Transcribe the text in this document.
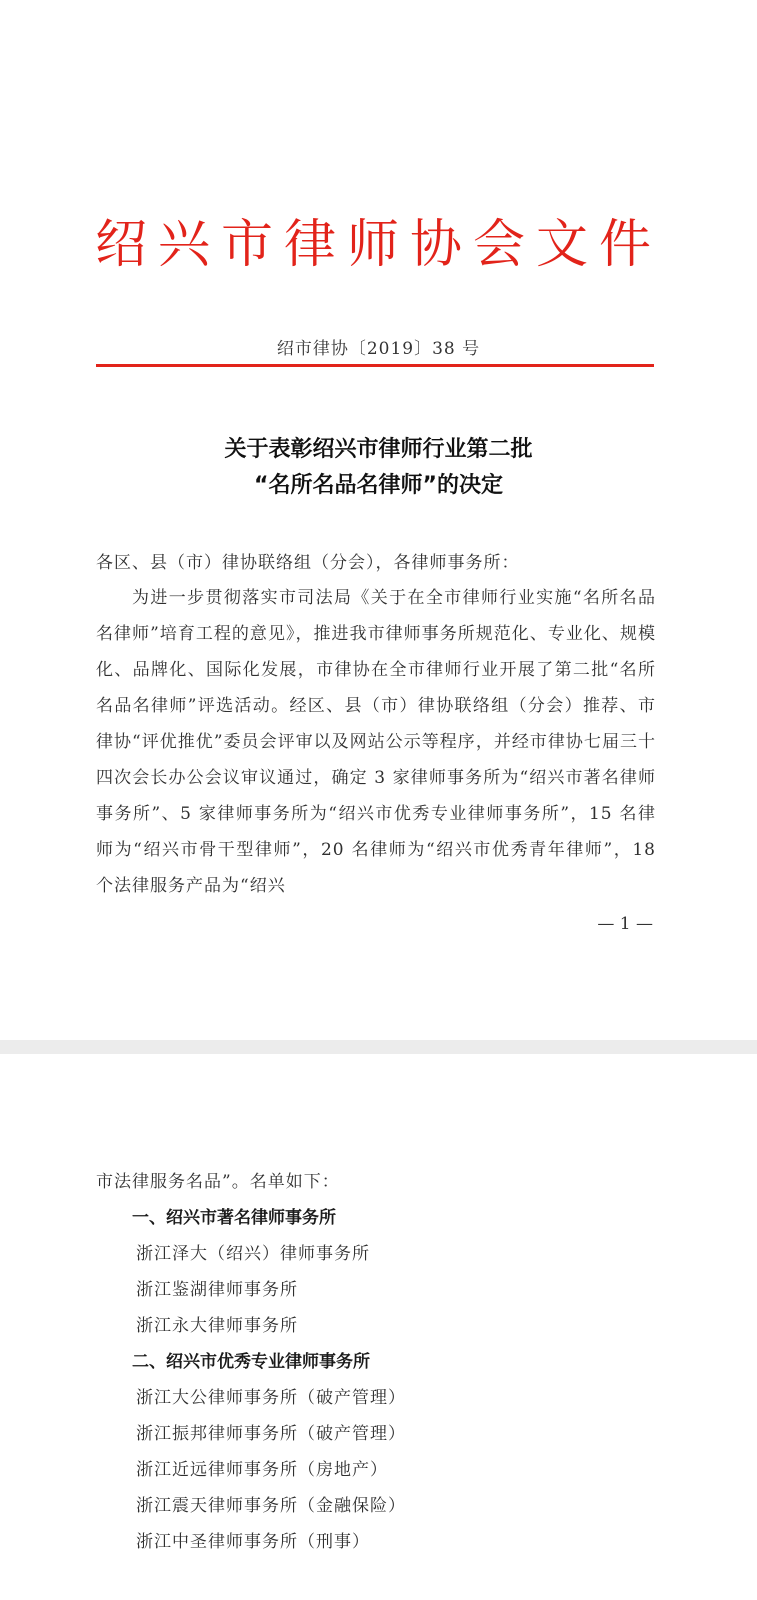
绍兴市律师协会文件
绍市律协〔2019〕38 号
关于表彰绍兴市律师行业第二批
“名所名品名律师”的决定
各区、县（市）律协联络组（分会），各律师事务所：
为进一步贯彻落实市司法局《关于在全市律师行业实施“名所名品名律师”培育工程的意见》，推进我市律师事务所规范化、专业化、规模化、品牌化、国际化发展，市律协在全市律师行业开展了第二批“名所名品名律师”评选活动。经区、县（市）律协联络组（分会）推荐、市律协“评优推优”委员会评审以及网站公示等程序，并经市律协七届三十四次会长办公会议审议通过，确定 3 家律师事务所为“绍兴市著名律师事务所”、5 家律师事务所为“绍兴市优秀专业律师事务所”，15 名律师为“绍兴市骨干型律师”，20 名律师为“绍兴市优秀青年律师”，18 个法律服务产品为“绍兴
— 1 —
市法律服务名品”。名单如下：
一、绍兴市著名律师事务所
浙江泽大（绍兴）律师事务所
浙江鉴湖律师事务所
浙江永大律师事务所
二、绍兴市优秀专业律师事务所
浙江大公律师事务所（破产管理）
浙江振邦律师事务所（破产管理）
浙江近远律师事务所（房地产）
浙江震天律师事务所（金融保险）
浙江中圣律师事务所（刑事）
